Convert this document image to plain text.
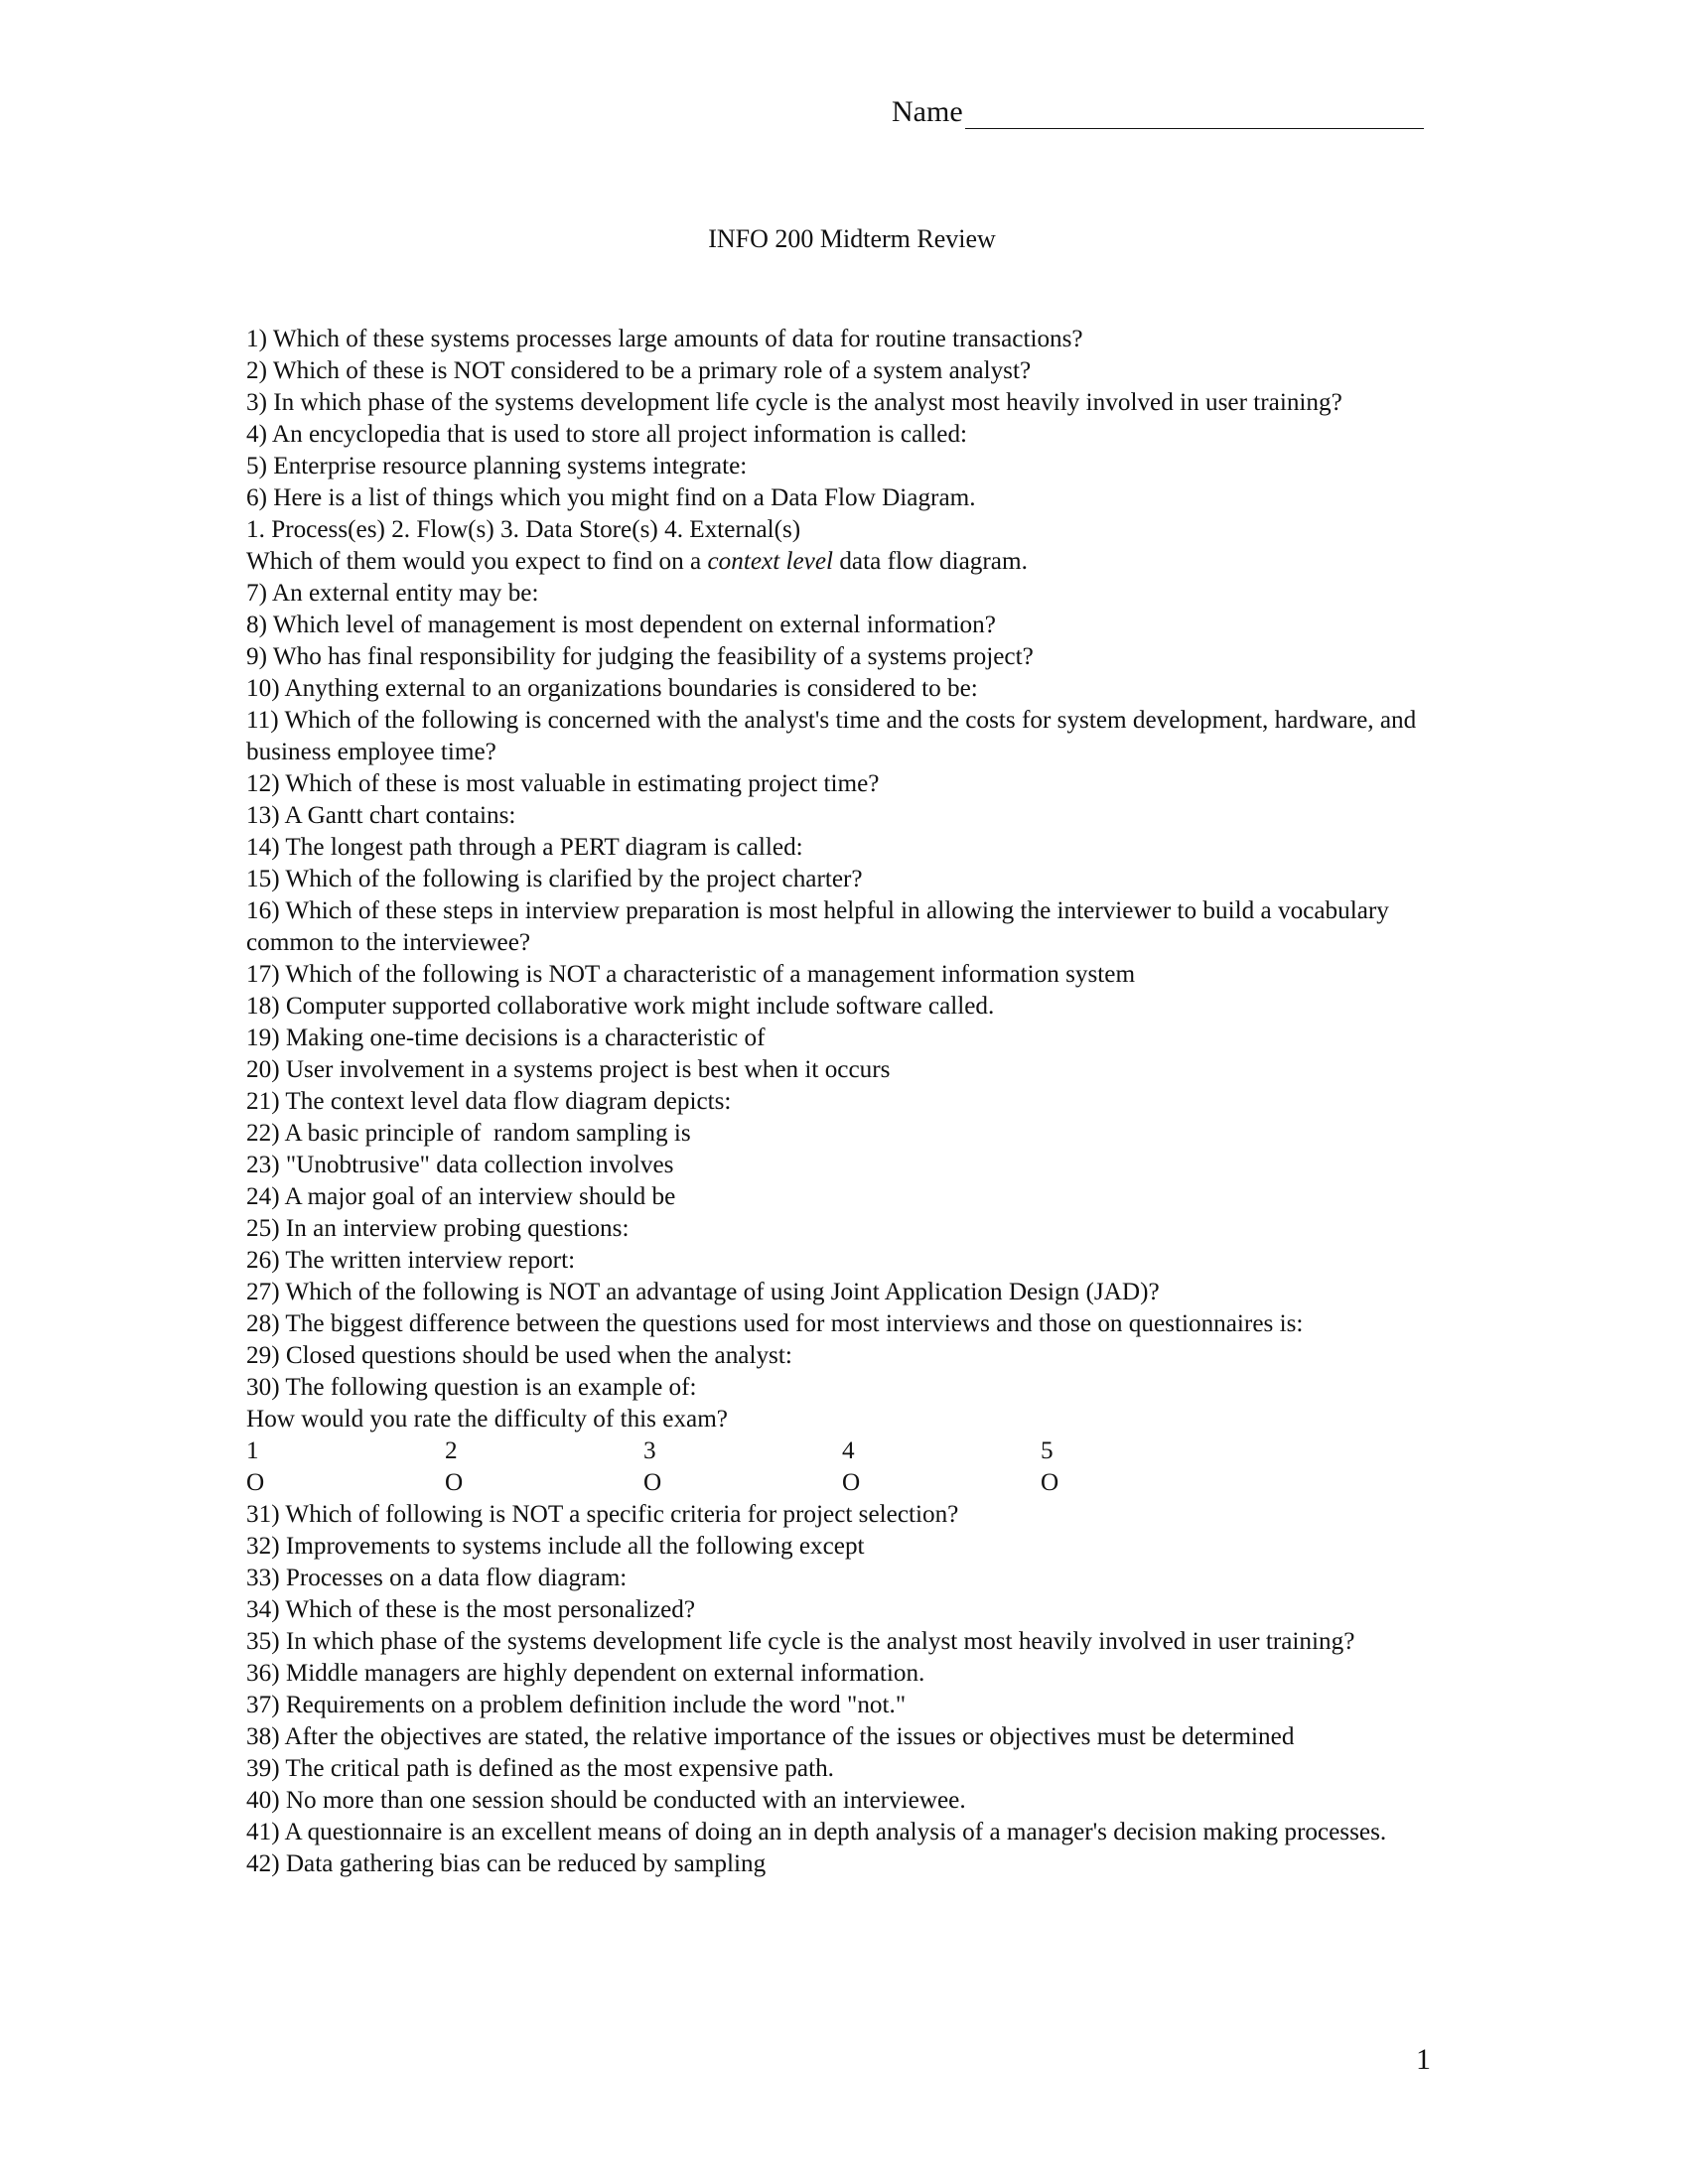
Name
INFO 200 Midterm Review
1) Which of these systems processes large amounts of data for routine transactions?
2) Which of these is NOT considered to be a primary role of a system analyst?
3) In which phase of the systems development life cycle is the analyst most heavily involved in user training?
4) An encyclopedia that is used to store all project information is called:
5) Enterprise resource planning systems integrate:
6) Here is a list of things which you might find on a Data Flow Diagram.
1. Process(es) 2. Flow(s) 3. Data Store(s) 4. External(s)
Which of them would you expect to find on a context level data flow diagram.
7) An external entity may be:
8) Which level of management is most dependent on external information?
9) Who has final responsibility for judging the feasibility of a systems project?
10) Anything external to an organizations boundaries is considered to be:
11) Which of the following is concerned with the analyst's time and the costs for system development, hardware, and business employee time?
12) Which of these is most valuable in estimating project time?
13) A Gantt chart contains:
14) The longest path through a PERT diagram is called:
15) Which of the following is clarified by the project charter?
16) Which of these steps in interview preparation is most helpful in allowing the interviewer to build a vocabulary common to the interviewee?
17) Which of the following is NOT a characteristic of a management information system
18) Computer supported collaborative work might include software called.
19) Making one-time decisions is a characteristic of
20) User involvement in a systems project is best when it occurs
21) The context level data flow diagram depicts:
22) A basic principle of  random sampling is
23) "Unobtrusive" data collection involves
24) A major goal of an interview should be
25) In an interview probing questions:
26) The written interview report:
27) Which of the following is NOT an advantage of using Joint Application Design (JAD)?
28) The biggest difference between the questions used for most interviews and those on questionnaires is:
29) Closed questions should be used when the analyst:
30) The following question is an example of:
How would you rate the difficulty of this exam?
1	2	3	4	5
O	O	O	O	O
31) Which of following is NOT a specific criteria for project selection?
32) Improvements to systems include all the following except
33) Processes on a data flow diagram:
34) Which of these is the most personalized?
35) In which phase of the systems development life cycle is the analyst most heavily involved in user training?
36) Middle managers are highly dependent on external information.
37) Requirements on a problem definition include the word "not."
38) After the objectives are stated, the relative importance of the issues or objectives must be determined
39) The critical path is defined as the most expensive path.
40) No more than one session should be conducted with an interviewee.
41) A questionnaire is an excellent means of doing an in depth analysis of a manager's decision making processes.
42) Data gathering bias can be reduced by sampling
1
